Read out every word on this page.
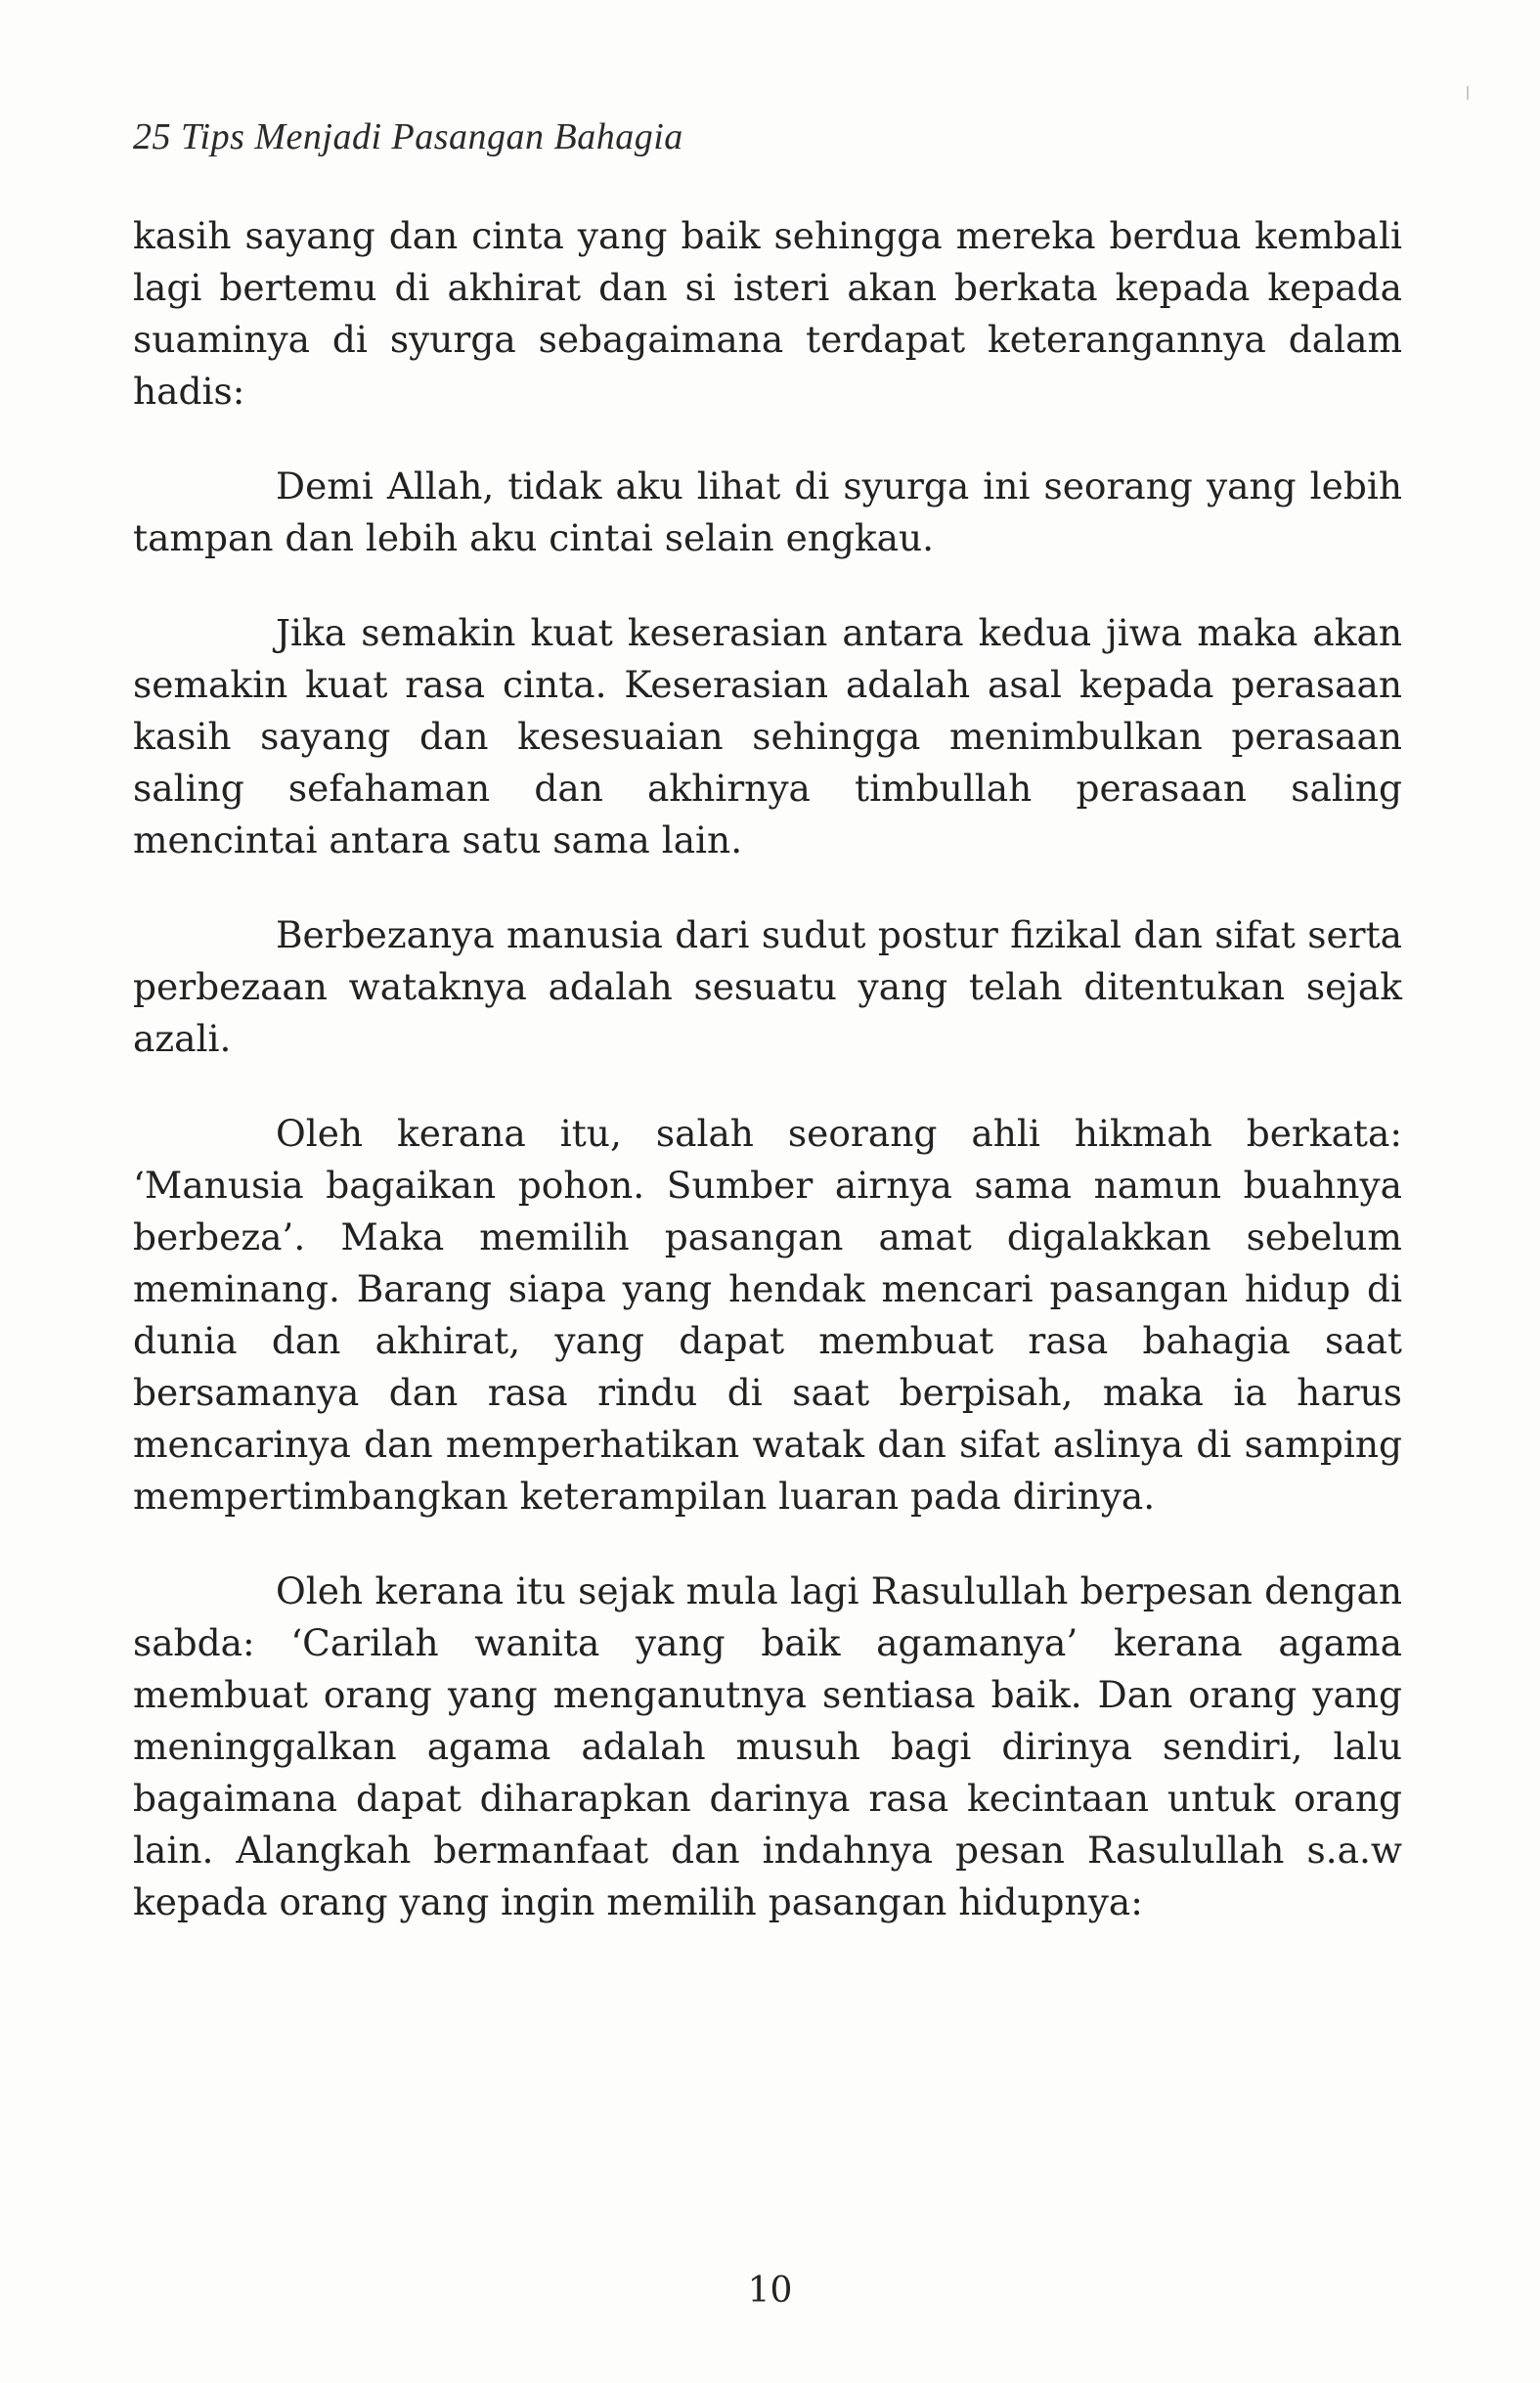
25 Tips Menjadi Pasangan Bahagia

kasih sayang dan cinta yang baik sehingga mereka berdua kembali lagi bertemu di akhirat dan si isteri akan berkata kepada kepada suaminya di syurga sebagaimana terdapat keterangannya dalam hadis:

Demi Allah, tidak aku lihat di syurga ini seorang yang lebih tampan dan lebih aku cintai selain engkau.

Jika semakin kuat keserasian antara kedua jiwa maka akan semakin kuat rasa cinta. Keserasian adalah asal kepada perasaan kasih sayang dan kesesuaian sehingga menimbulkan perasaan saling sefahaman dan akhirnya timbullah perasaan saling mencintai antara satu sama lain.

Berbezanya manusia dari sudut postur fizikal dan sifat serta perbezaan wataknya adalah sesuatu yang telah ditentukan sejak azali.

Oleh kerana itu, salah seorang ahli hikmah berkata: ‘Manusia bagaikan pohon. Sumber airnya sama namun buahnya berbeza’. Maka memilih pasangan amat digalakkan sebelum meminang. Barang siapa yang hendak mencari pasangan hidup di dunia dan akhirat, yang dapat membuat rasa bahagia saat bersamanya dan rasa rindu di saat berpisah, maka ia harus mencarinya dan memperhatikan watak dan sifat aslinya di samping mempertimbangkan keterampilan luaran pada dirinya.

Oleh kerana itu sejak mula lagi Rasulullah berpesan dengan sabda: ‘Carilah wanita yang baik agamanya’ kerana agama membuat orang yang menganutnya sentiasa baik. Dan orang yang meninggalkan agama adalah musuh bagi dirinya sendiri, lalu bagaimana dapat diharapkan darinya rasa kecintaan untuk orang lain. Alangkah bermanfaat dan indahnya pesan Rasulullah s.a.w kepada orang yang ingin memilih pasangan hidupnya:

10
